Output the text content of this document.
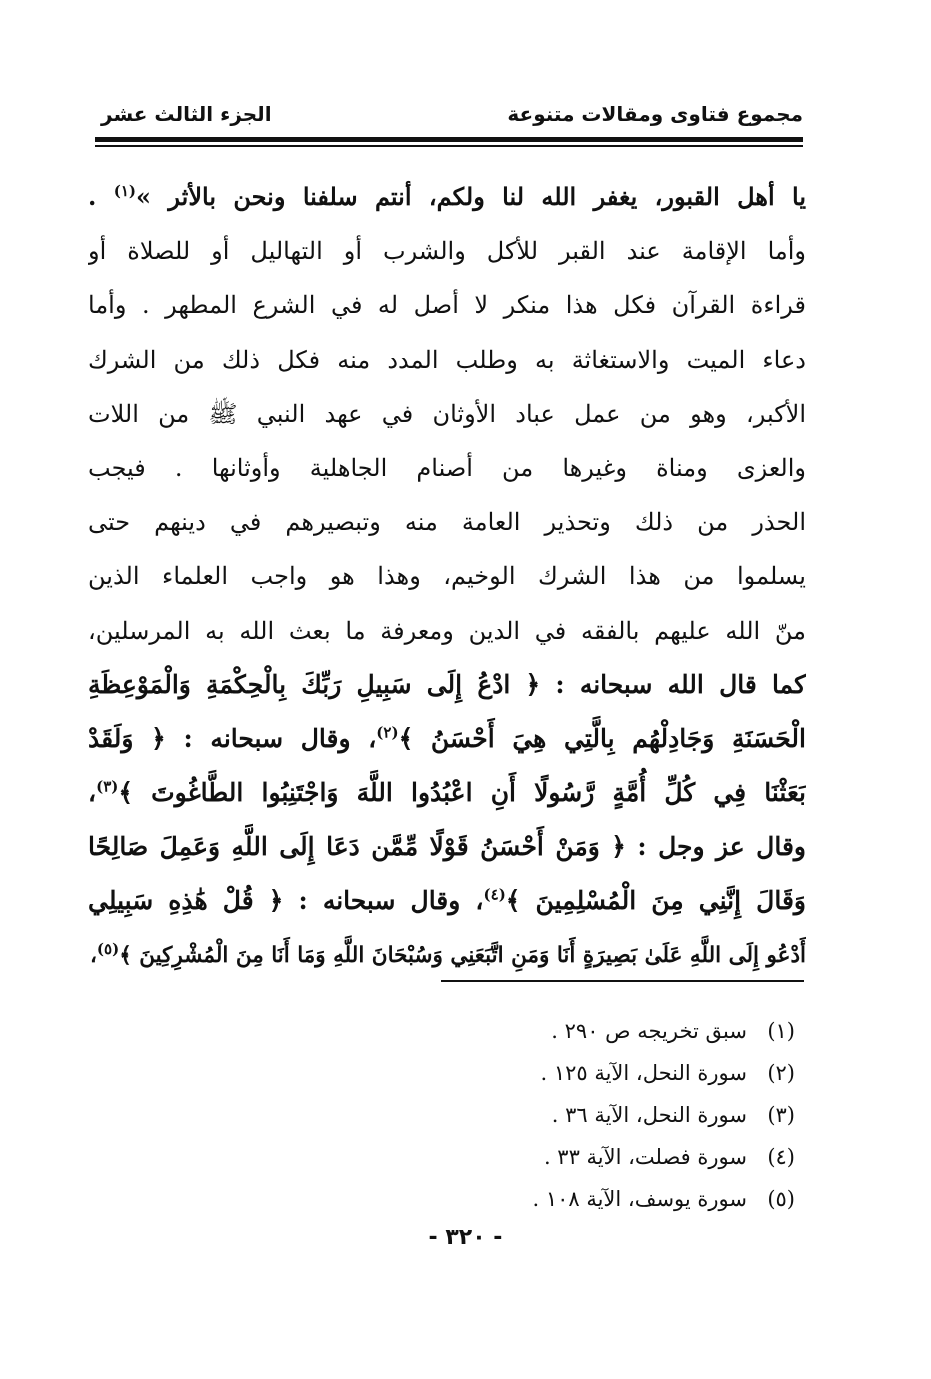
مجموع فتاوى ومقالات متنوعة
الجزء الثالث عشر
يا أهل القبور، يغفر الله لنا ولكم، أنتم سلفنا ونحن بالأثر »$^{(١)}$ .
وأما الإقامة عند القبر للأكل والشرب أو التهاليل أو للصلاة أو
قراءة القرآن فكل هذا منكر لا أصل له في الشرع المطهر . وأما
دعاء الميت والاستغاثة به وطلب المدد منه فكل ذلك من الشرك
الأكبر، وهو من عمل عباد الأوثان في عهد النبي ﷺ من اللات
والعزى ومناة وغيرها من أصنام الجاهلية وأوثانها . فيجب
الحذر من ذلك وتحذير العامة منه وتبصيرهم في دينهم حتى
يسلموا من هذا الشرك الوخيم، وهذا هو واجب العلماء الذين
منّ الله عليهم بالفقه في الدين ومعرفة ما بعث الله به المرسلين،
كما قال الله سبحانه : ﴿ ادْعُ إِلَى سَبِيلِ رَبِّكَ بِالْحِكْمَةِ وَالْمَوْعِظَةِ
الْحَسَنَةِ وَجَادِلْهُم بِالَّتِي هِيَ أَحْسَنُ ﴾$^{(٢)}$، وقال سبحانه : ﴿ وَلَقَدْ
بَعَثْنَا فِي كُلِّ أُمَّةٍ رَّسُولًا أَنِ اعْبُدُوا اللَّهَ وَاجْتَنِبُوا الطَّاغُوتَ ﴾$^{(٣)}$،
وقال عز وجل : ﴿ وَمَنْ أَحْسَنُ قَوْلًا مِّمَّن دَعَا إِلَى اللَّهِ وَعَمِلَ صَالِحًا
وَقَالَ إِنَّنِي مِنَ الْمُسْلِمِينَ ﴾$^{(٤)}$، وقال سبحانه : ﴿ قُلْ هَٰذِهِ سَبِيلِي
أَدْعُو إِلَى اللَّهِ عَلَىٰ بَصِيرَةٍ أَنَا وَمَنِ اتَّبَعَنِي وَسُبْحَانَ اللَّهِ وَمَا أَنَا مِنَ الْمُشْرِكِينَ ﴾$^{(٥)}$،
(١)سبق تخريجه ص ٢٩٠ .
(٢)سورة النحل، الآية ١٢٥ .
(٣)سورة النحل، الآية ٣٦ .
(٤)سورة فصلت، الآية ٣٣ .
(٥)سورة يوسف، الآية ١٠٨ .
- ٣٢٠ -
